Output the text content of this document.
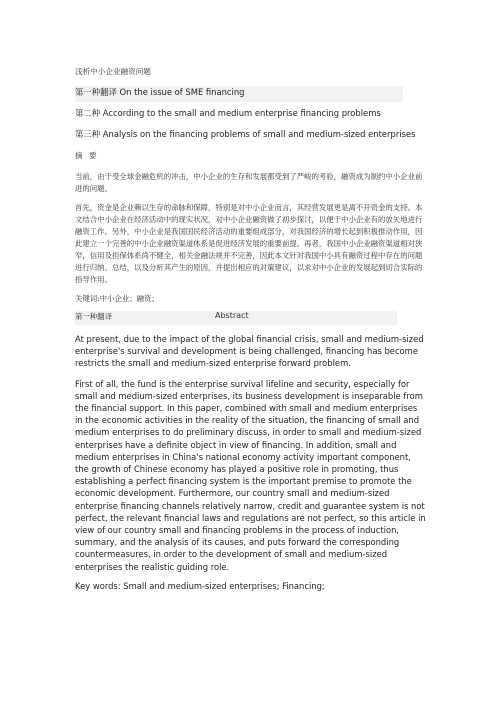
浅析中小企业融资问题

第一种翻译 On the issue of SME financing

第二种 According to the small and medium enterprise financing problems

第三种 Analysis on the financing problems of small and medium-sized enterprises

摘 要

当前，由于受全球金融危机的冲击，中小企业的生存和发展都受到了严峻的考验，融资成为制约中小企业前进的问题。

首先，资金是企业赖以生存的命脉和保障，特别是对中小企业而言，其经营发展更是离不开资金的支持。本文结合中小企业在经济活动中的现实状况，对中小企业融资做了初步探讨，以便于中小企业有的放矢地进行融资工作。另外，中小企业是我国国民经济活动的重要组成部分，对我国经济的增长起到积极推动作用，因此建立一个完善的中小企业融资渠道体系是促进经济发展的重要前提。再者，我国中小企业融资渠道相对狭窄，信用及担保体系尚不健全，相关金融法规并不完善，因此本文针对我国中小具有融资过程中存在的问题进行归纳、总结，以及分析其产生的原因，并提出相应的对策建议，以求对中小企业的发展起到切合实际的指导作用。

关键词:中小企业；融资；

第一种翻译	Abstract

At present, due to the impact of the global financial crisis, small and medium-sized enterprise's survival and development is being challenged, financing has become restricts the small and medium-sized enterprise forward problem.

First of all, the fund is the enterprise survival lifeline and security, especially for small and medium-sized enterprises, its business development is inseparable from the financial support. In this paper, combined with small and medium enterprises in the economic activities in the reality of the situation, the financing of small and medium enterprises to do preliminary discuss, in order to small and medium-sized enterprises have a definite object in view of financing. In addition, small and medium enterprises in China's national economy activity important component, the growth of Chinese economy has played a positive role in promoting, thus establishing a perfect financing system is the important premise to promote the economic development. Furthermore, our country small and medium-sized enterprise financing channels relatively narrow, credit and guarantee system is not perfect, the relevant financial laws and regulations are not perfect, so this article in view of our country small and financing problems in the process of induction, summary, and the analysis of its causes, and puts forward the corresponding countermeasures, in order to the development of small and medium-sized enterprises the realistic guiding role.

Key words: Small and medium-sized enterprises; Financing;
